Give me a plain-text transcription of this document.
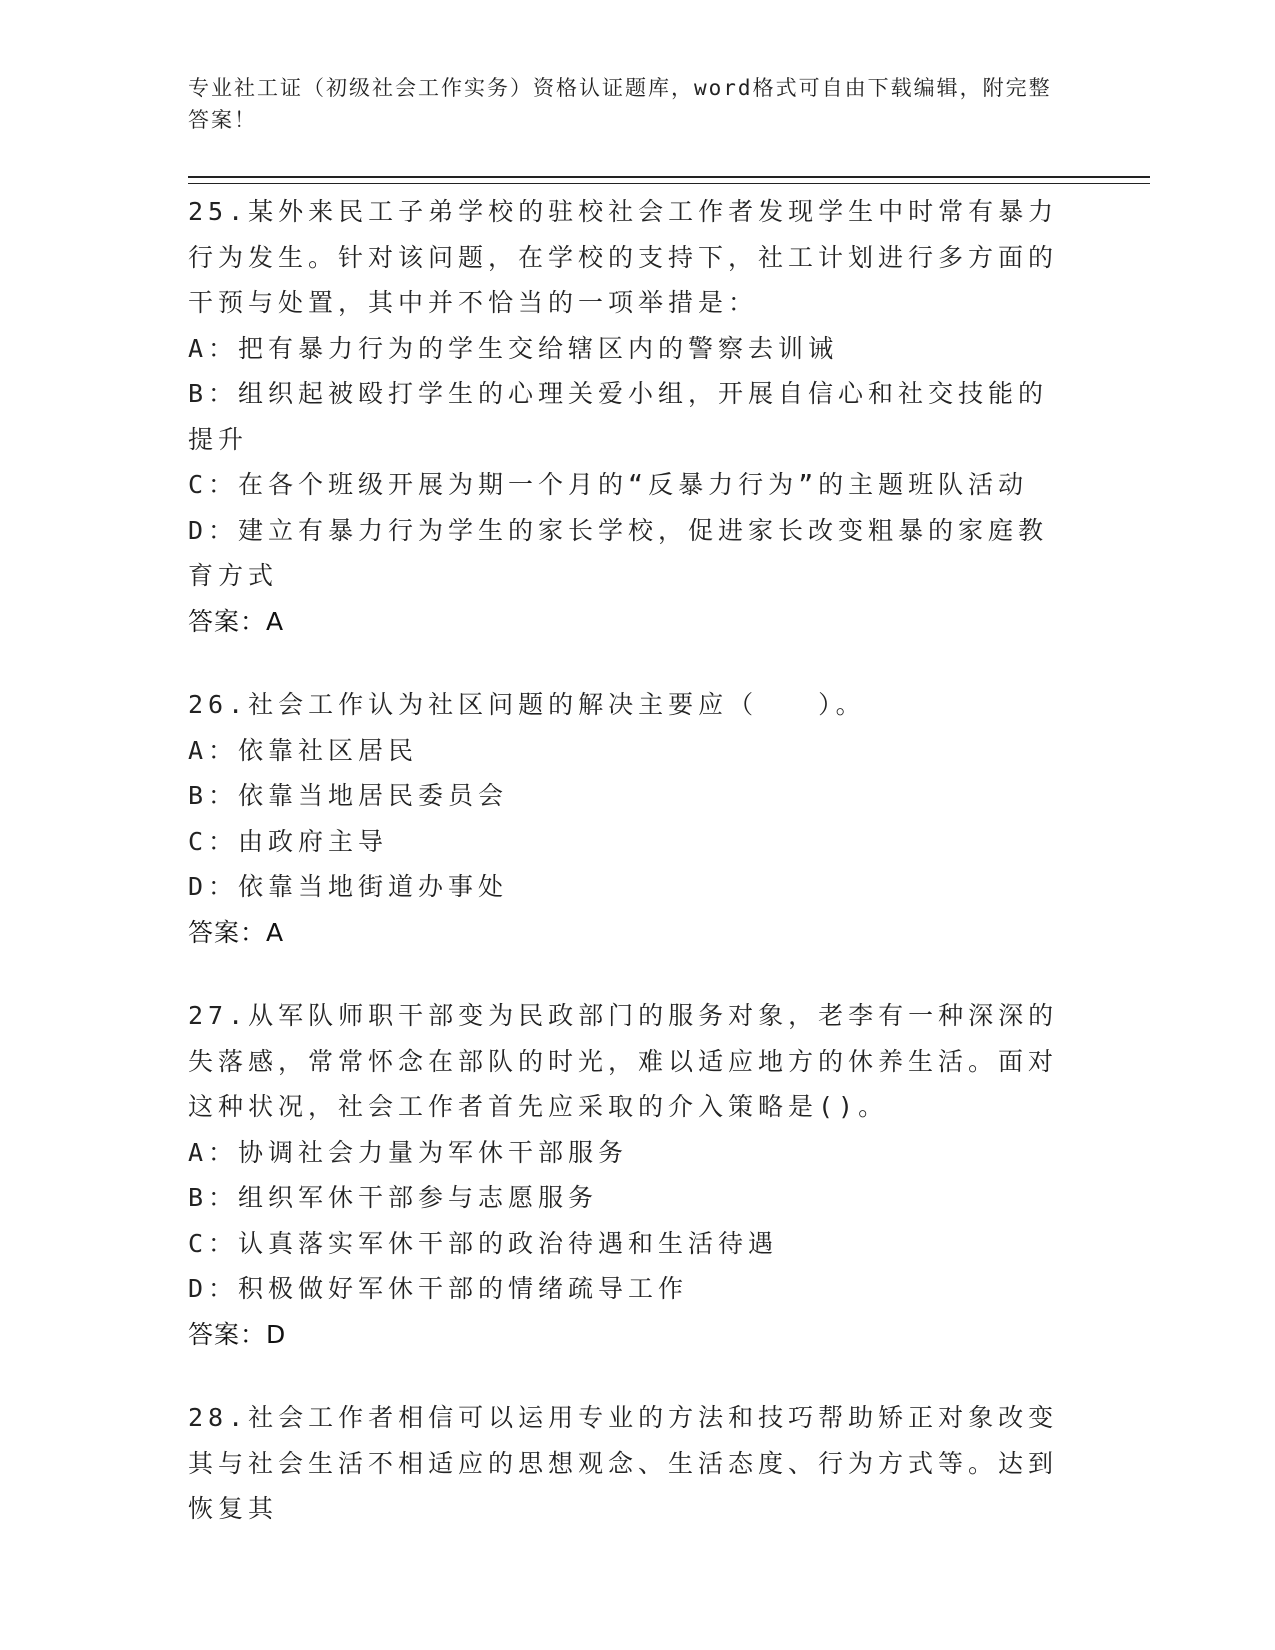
专业社工证（初级社会工作实务）资格认证题库，word格式可自由下载编辑，附完整答案！

25.某外来民工子弟学校的驻校社会工作者发现学生中时常有暴力行为发生。针对该问题，在学校的支持下，社工计划进行多方面的干预与处置，其中并不恰当的一项举措是：

A：把有暴力行为的学生交给辖区内的警察去训诫

B：组织起被殴打学生的心理关爱小组，开展自信心和社交技能的提升

C：在各个班级开展为期一个月的“反暴力行为”的主题班队活动

D：建立有暴力行为学生的家长学校，促进家长改变粗暴的家庭教育方式

答案：A

26.社会工作认为社区问题的解决主要应（　　）。

A：依靠社区居民

B：依靠当地居民委员会

C：由政府主导

D：依靠当地街道办事处

答案：A

27.从军队师职干部变为民政部门的服务对象，老李有一种深深的失落感，常常怀念在部队的时光，难以适应地方的休养生活。面对这种状况，社会工作者首先应采取的介入策略是()。

A：协调社会力量为军休干部服务

B：组织军休干部参与志愿服务

C：认真落实军休干部的政治待遇和生活待遇

D：积极做好军休干部的情绪疏导工作

答案：D

28.社会工作者相信可以运用专业的方法和技巧帮助矫正对象改变其与社会生活不相适应的思想观念、生活态度、行为方式等。达到恢复其
